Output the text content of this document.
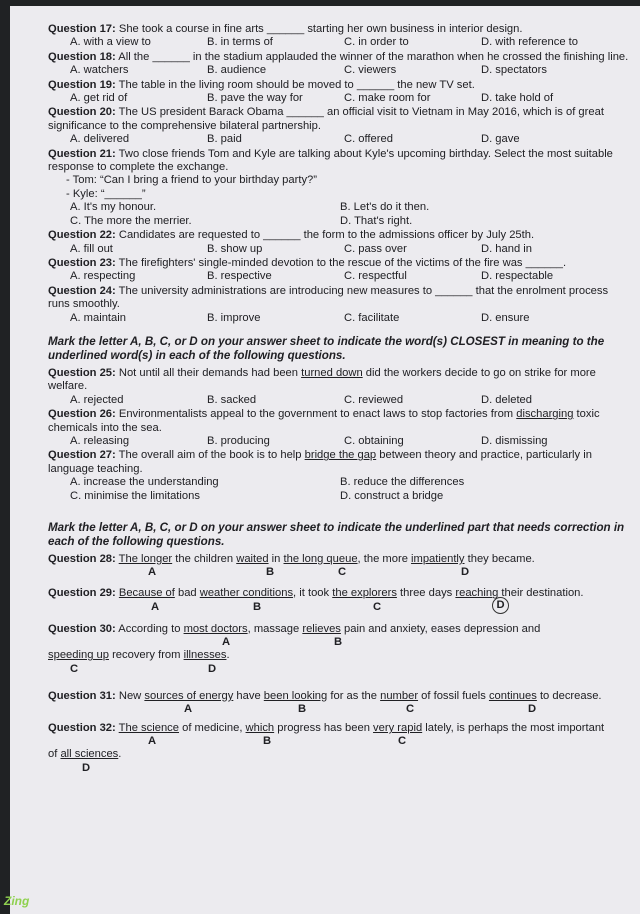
Question 17: She took a course in fine arts ______ starting her own business in interior design.
A. with a view to	B. in terms of	C. in order to	D. with reference to
Question 18: All the ______ in the stadium applauded the winner of the marathon when he crossed the finishing line.
A. watchers	B. audience	C. viewers	D. spectators
Question 19: The table in the living room should be moved to ______ the new TV set.
A. get rid of	B. pave the way for	C. make room for	D. take hold of
Question 20: The US president Barack Obama ______ an official visit to Vietnam in May 2016, which is of great significance to the comprehensive bilateral partnership.
A. delivered	B. paid	C. offered	D. gave
Question 21: Two close friends Tom and Kyle are talking about Kyle's upcoming birthday. Select the most suitable response to complete the exchange.
- Tom: “Can I bring a friend to your birthday party?”
- Kyle: “______”
A. It's my honour.	B. Let's do it then.
C. The more the merrier.	D. That's right.
Question 22: Candidates are requested to ______ the form to the admissions officer by July 25th.
A. fill out	B. show up	C. pass over	D. hand in
Question 23: The firefighters' single-minded devotion to the rescue of the victims of the fire was ______.
A. respecting	B. respective	C. respectful	D. respectable
Question 24: The university administrations are introducing new measures to ______ that the enrolment process runs smoothly.
A. maintain	B. improve	C. facilitate	D. ensure
Mark the letter A, B, C, or D on your answer sheet to indicate the word(s) CLOSEST in meaning to the underlined word(s) in each of the following questions.
Question 25: Not until all their demands had been turned down did the workers decide to go on strike for more welfare.
A. rejected	B. sacked	C. reviewed	D. deleted
Question 26: Environmentalists appeal to the government to enact laws to stop factories from discharging toxic chemicals into the sea.
A. releasing	B. producing	C. obtaining	D. dismissing
Question 27: The overall aim of the book is to help bridge the gap between theory and practice, particularly in language teaching.
A. increase the understanding	B. reduce the differences
C. minimise the limitations	D. construct a bridge
Mark the letter A, B, C, or D on your answer sheet to indicate the underlined part that needs correction in each of the following questions.
Question 28: The longer the children waited in the long queue, the more impatiently they became.
A	B	C	D
Question 29: Because of bad weather conditions, it took the explorers three days reaching their destination.
A	B	C	D
Question 30: According to most doctors, massage relieves pain and anxiety, eases depression and
A	B
speeding up recovery from illnesses.
C	D
Question 31: New sources of energy have been looking for as the number of fossil fuels continues to decrease.
A	B	C	D
Question 32: The science of medicine, which progress has been very rapid lately, is perhaps the most important
A	B	C
of all sciences.
D
Zing
